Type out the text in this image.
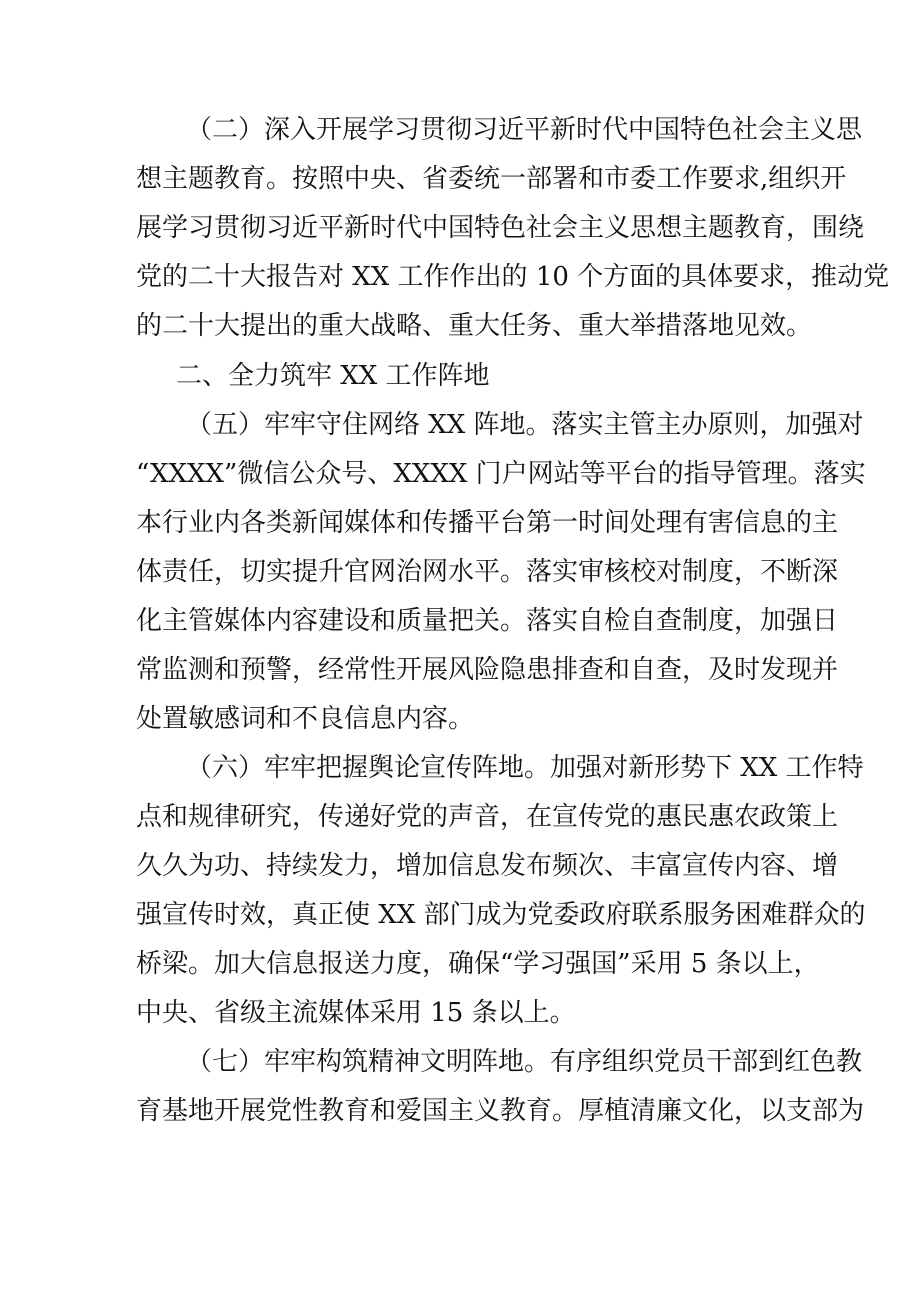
（二）深入开展学习贯彻习近平新时代中国特色社会主义思

想主题教育。按照中央、省委统一部署和市委工作要求,组织开

展学习贯彻习近平新时代中国特色社会主义思想主题教育，围绕

党的二十大报告对 XX 工作作出的 10 个方面的具体要求，推动党

的二十大提出的重大战略、重大任务、重大举措落地见效。

二、全力筑牢 XX 工作阵地

（五）牢牢守住网络 XX 阵地。落实主管主办原则，加强对

“XXXX”微信公众号、XXXX 门户网站等平台的指导管理。落实

本行业内各类新闻媒体和传播平台第一时间处理有害信息的主

体责任，切实提升官网治网水平。落实审核校对制度，不断深

化主管媒体内容建设和质量把关。落实自检自查制度，加强日

常监测和预警，经常性开展风险隐患排查和自查，及时发现并

处置敏感词和不良信息内容。

（六）牢牢把握舆论宣传阵地。加强对新形势下 XX 工作特

点和规律研究，传递好党的声音，在宣传党的惠民惠农政策上

久久为功、持续发力，增加信息发布频次、丰富宣传内容、增

强宣传时效，真正使 XX 部门成为党委政府联系服务困难群众的

桥梁。加大信息报送力度，确保“学习强国”采用 5 条以上，

中央、省级主流媒体采用 15 条以上。

（七）牢牢构筑精神文明阵地。有序组织党员干部到红色教

育基地开展党性教育和爱国主义教育。厚植清廉文化，以支部为
